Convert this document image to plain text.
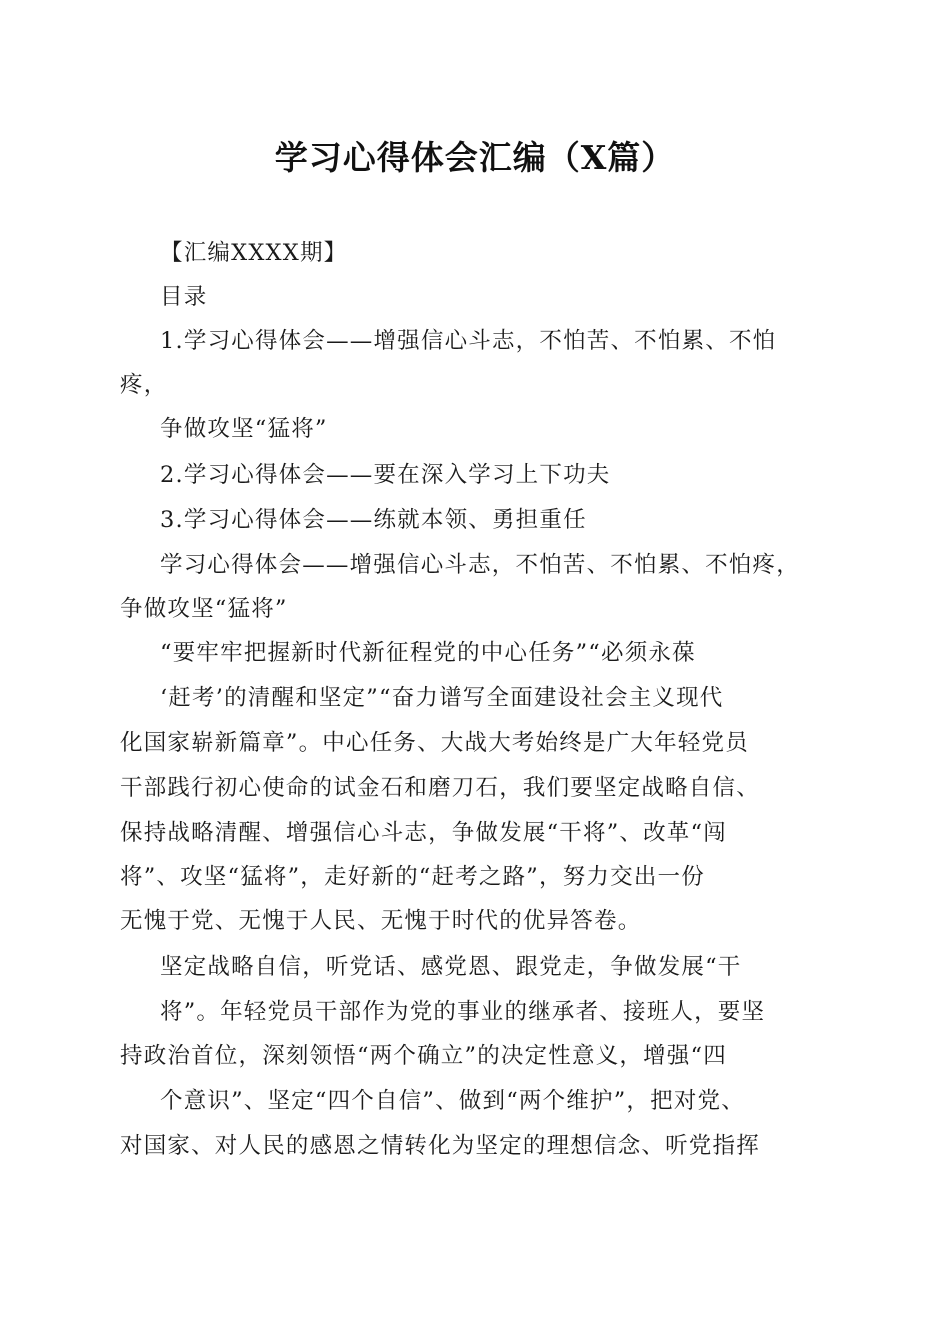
学习心得体会汇编（X篇）
【汇编XXXX期】
目录
1.学习心得体会——增强信心斗志，不怕苦、不怕累、不怕
疼，
争做攻坚“猛将”
2.学习心得体会——要在深入学习上下功夫
3.学习心得体会——练就本领、勇担重任
学习心得体会——增强信心斗志，不怕苦、不怕累、不怕疼，
争做攻坚“猛将”
“要牢牢把握新时代新征程党的中心任务”“必须永葆
‘赶考’的清醒和坚定”“奋力谱写全面建设社会主义现代
化国家崭新篇章”。中心任务、大战大考始终是广大年轻党员
干部践行初心使命的试金石和磨刀石，我们要坚定战略自信、
保持战略清醒、增强信心斗志，争做发展“干将”、改革“闯
将”、攻坚“猛将”，走好新的“赶考之路”，努力交出一份
无愧于党、无愧于人民、无愧于时代的优异答卷。
坚定战略自信，听党话、感党恩、跟党走，争做发展“干
将”。年轻党员干部作为党的事业的继承者、接班人，要坚
持政治首位，深刻领悟“两个确立”的决定性意义，增强“四
个意识”、坚定“四个自信”、做到“两个维护”，把对党、
对国家、对人民的感恩之情转化为坚定的理想信念、听党指挥
